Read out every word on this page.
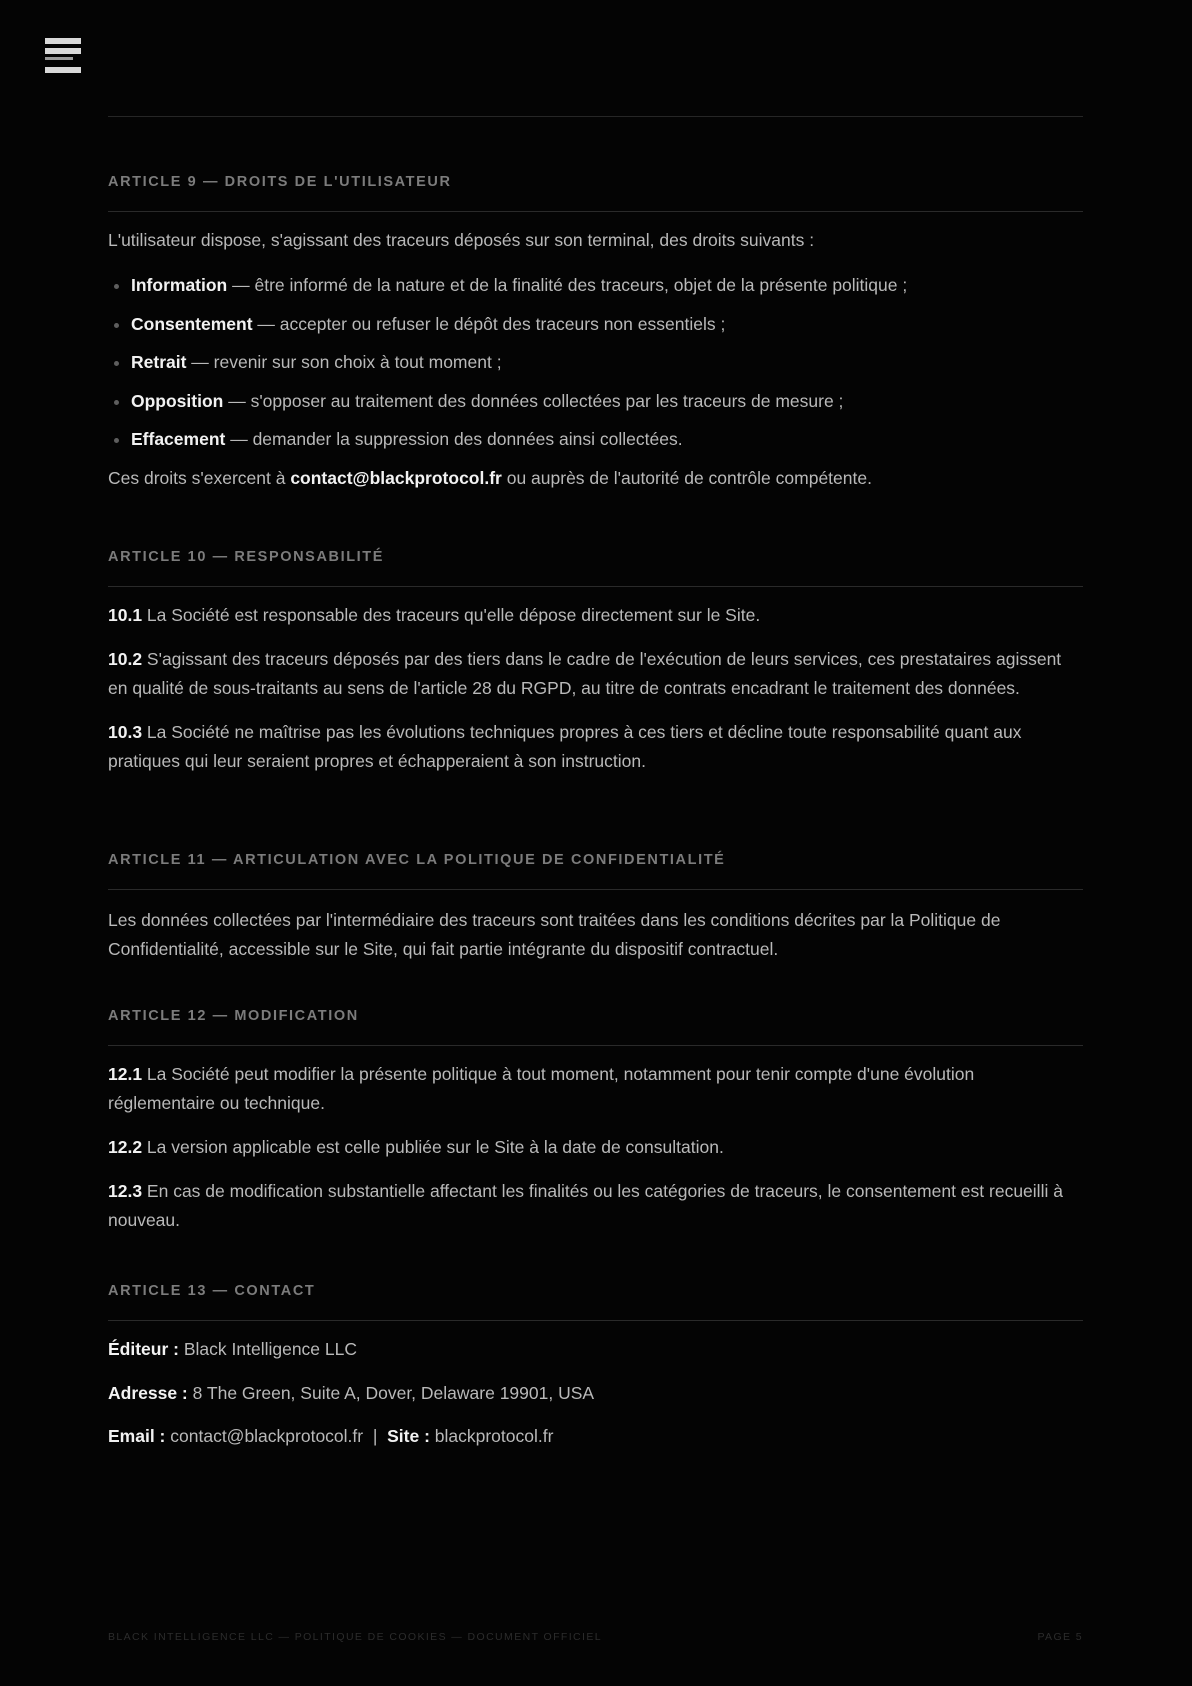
ARTICLE 9 — DROITS DE L'UTILISATEUR

L'utilisateur dispose, s'agissant des traceurs déposés sur son terminal, des droits suivants :

Information — être informé de la nature et de la finalité des traceurs, objet de la présente politique ;
Consentement — accepter ou refuser le dépôt des traceurs non essentiels ;
Retrait — revenir sur son choix à tout moment ;
Opposition — s'opposer au traitement des données collectées par les traceurs de mesure ;
Effacement — demander la suppression des données ainsi collectées.

Ces droits s'exercent à contact@blackprotocol.fr ou auprès de l'autorité de contrôle compétente.

ARTICLE 10 — RESPONSABILITÉ

10.1 La Société est responsable des traceurs qu'elle dépose directement sur le Site.

10.2 S'agissant des traceurs déposés par des tiers dans le cadre de l'exécution de leurs services, ces prestataires agissent en qualité de sous-traitants au sens de l'article 28 du RGPD, au titre de contrats encadrant le traitement des données.

10.3 La Société ne maîtrise pas les évolutions techniques propres à ces tiers et décline toute responsabilité quant aux pratiques qui leur seraient propres et échapperaient à son instruction.

ARTICLE 11 — ARTICULATION AVEC LA POLITIQUE DE CONFIDENTIALITÉ

Les données collectées par l'intermédiaire des traceurs sont traitées dans les conditions décrites par la Politique de Confidentialité, accessible sur le Site, qui fait partie intégrante du dispositif contractuel.

ARTICLE 12 — MODIFICATION

12.1 La Société peut modifier la présente politique à tout moment, notamment pour tenir compte d'une évolution réglementaire ou technique.

12.2 La version applicable est celle publiée sur le Site à la date de consultation.

12.3 En cas de modification substantielle affectant les finalités ou les catégories de traceurs, le consentement est recueilli à nouveau.

ARTICLE 13 — CONTACT

Éditeur : Black Intelligence LLC

Adresse : 8 The Green, Suite A, Dover, Delaware 19901, USA

Email : contact@blackprotocol.fr  |  Site : blackprotocol.fr

BLACK INTELLIGENCE LLC — POLITIQUE DE COOKIES — DOCUMENT OFFICIEL	PAGE 5
